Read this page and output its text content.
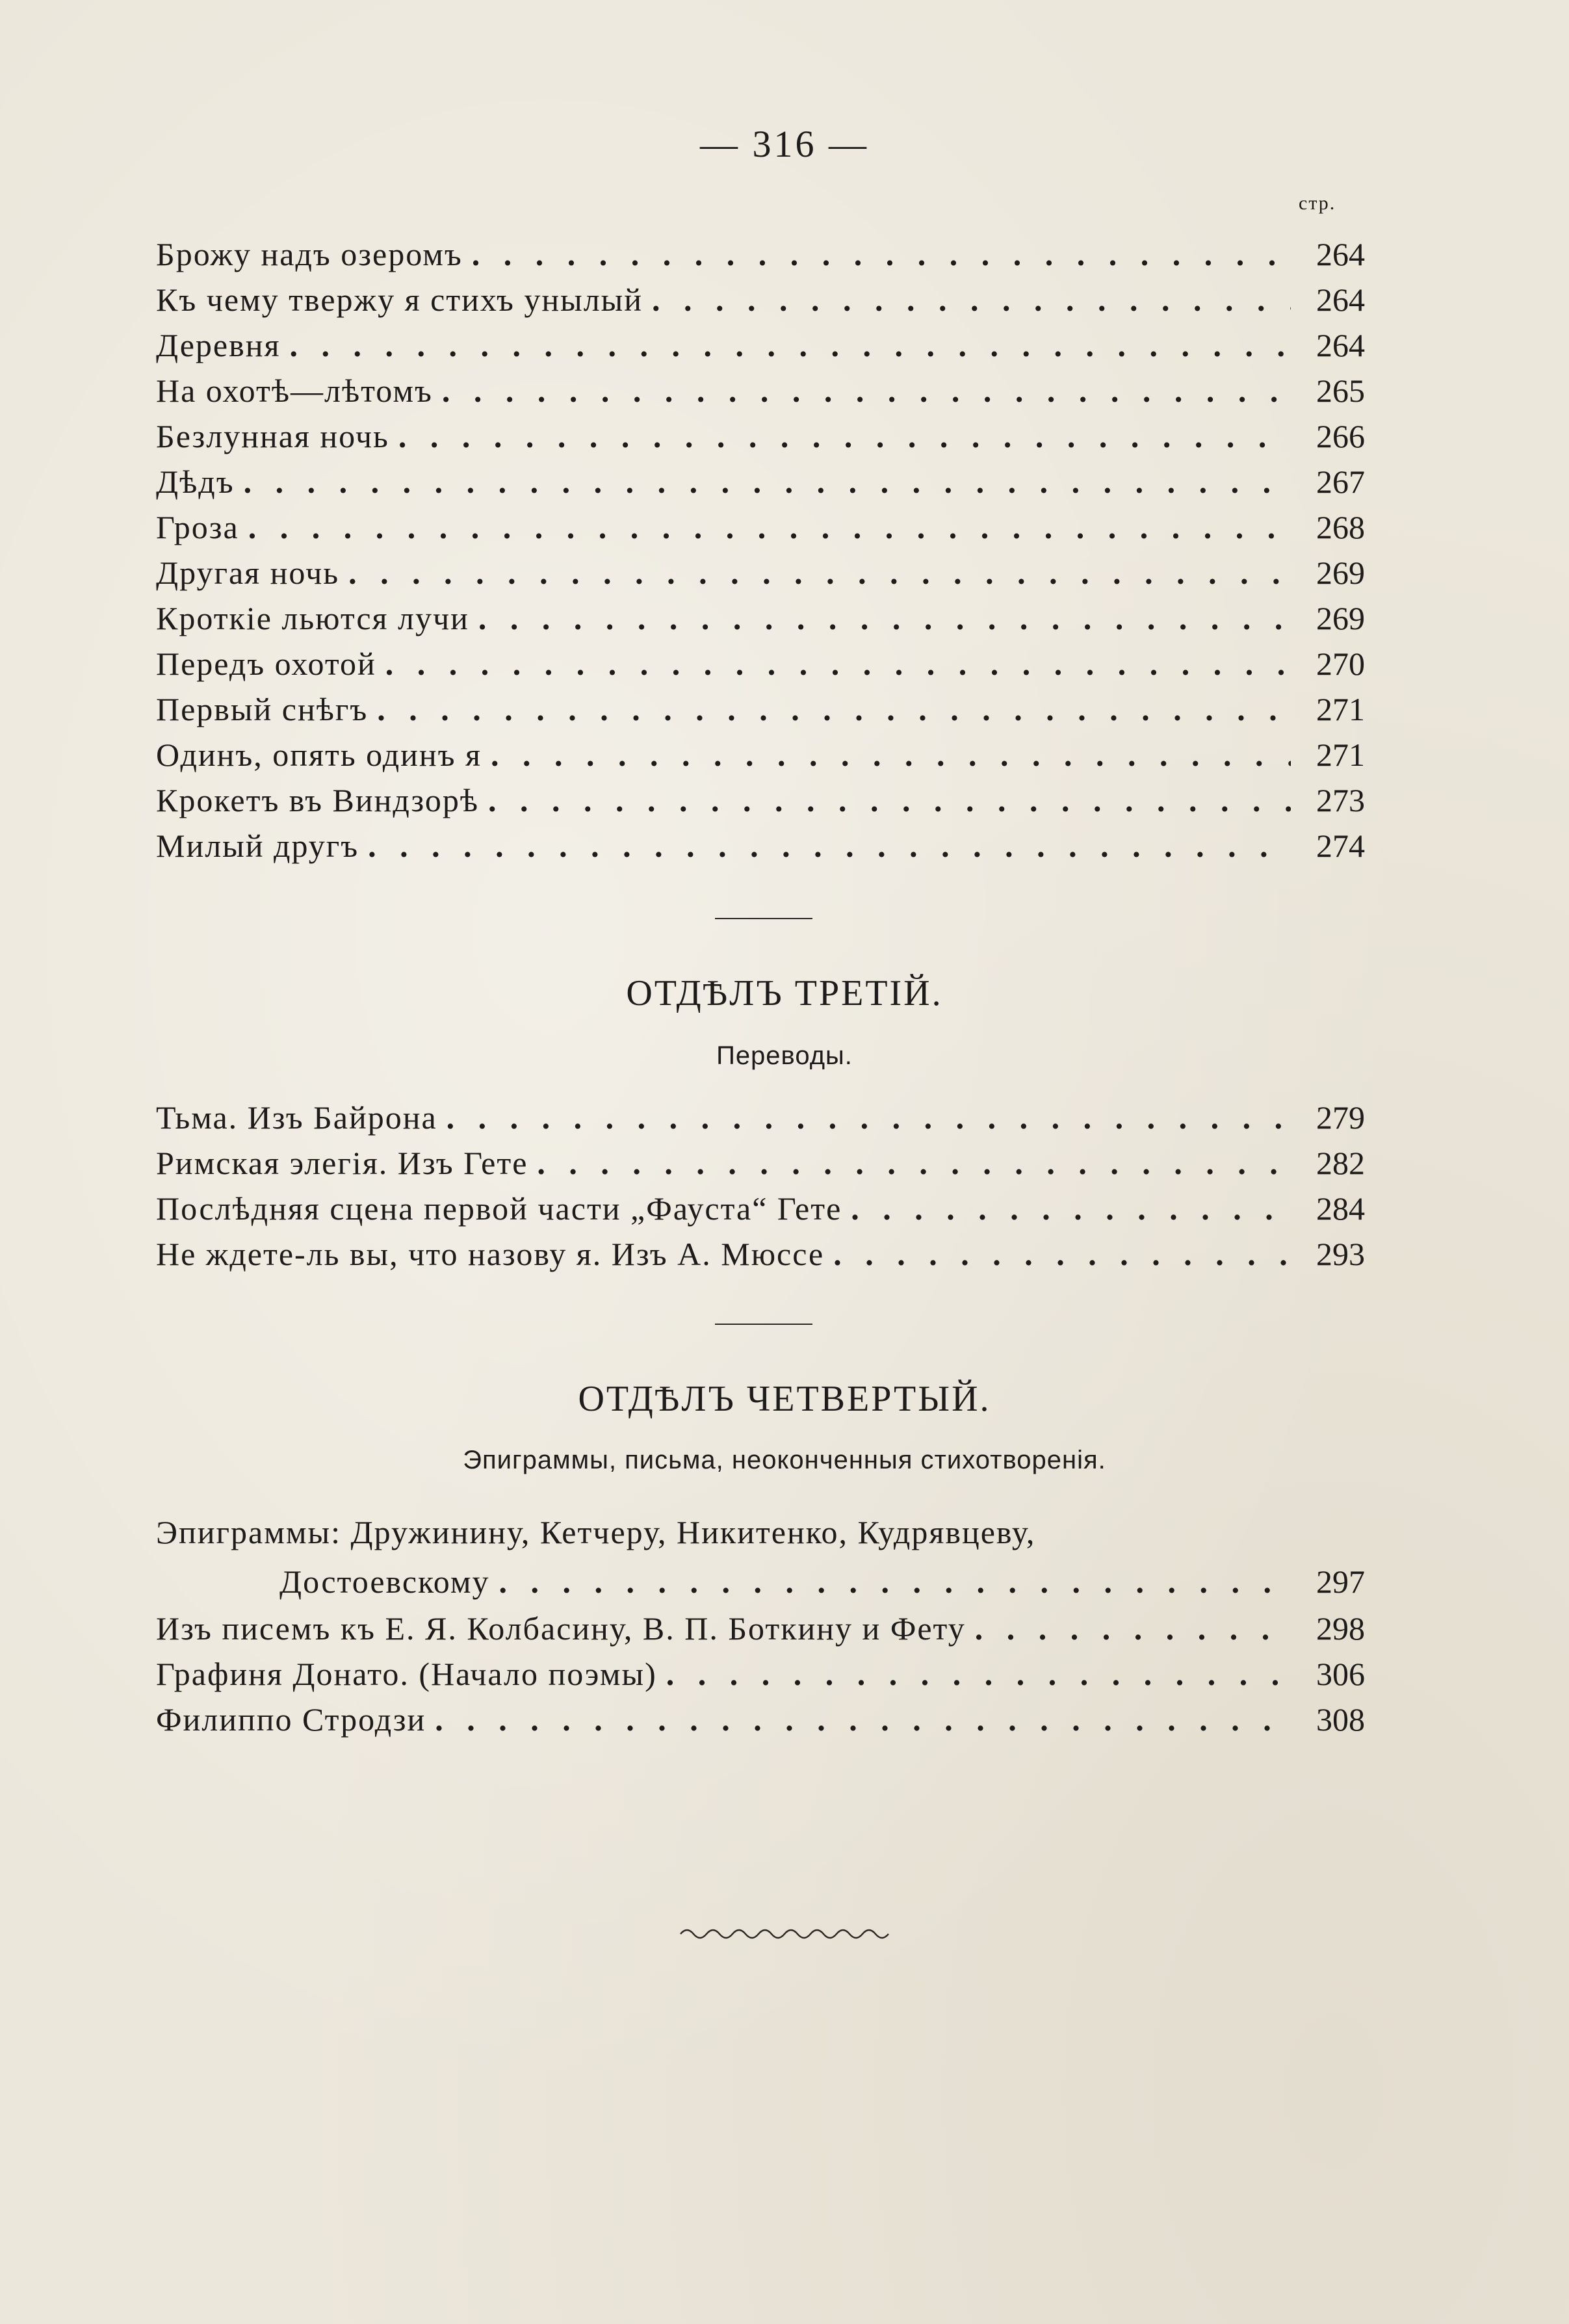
— 316 —
стр.
Брожу надъ озеромъ . . .	264
Къ чему твержу я стихъ унылый . . .	264
Деревня . . .	264
На охотѣ—лѣтомъ . . .	265
Безлунная ночь . . .	266
Дѣдъ . . .	267
Гроза . . .	268
Другая ночь . . .	269
Кроткіе льются лучи . . .	269
Передъ охотой . . .	270
Первый снѣгъ . . .	271
Одинъ, опять одинъ я . . .	271
Крокетъ въ Виндзорѣ . . .	273
Милый другъ . . .	274
ОТДѢЛЪ ТРЕТІЙ.
Переводы.
Тьма. Изъ Байрона . . .	279
Римская элегія. Изъ Гете . . .	282
Послѣдняя сцена первой части „Фауста“ Гете . . .	284
Не ждете-ль вы, что назову я. Изъ А. Мюссе . . .	293
ОТДѢЛЪ ЧЕТВЕРТЫЙ.
Эпиграммы, письма, неоконченныя стихотворенія.
Эпиграммы: Дружинину, Кетчеру, Никитенко, Кудрявцеву,
Достоевскому . . .	297
Изъ писемъ къ Е. Я. Колбасину, В. П. Боткину и Фету . . .	298
Графиня Донато. (Начало поэмы) . . .	306
Филиппо Стродзи . . .	308
